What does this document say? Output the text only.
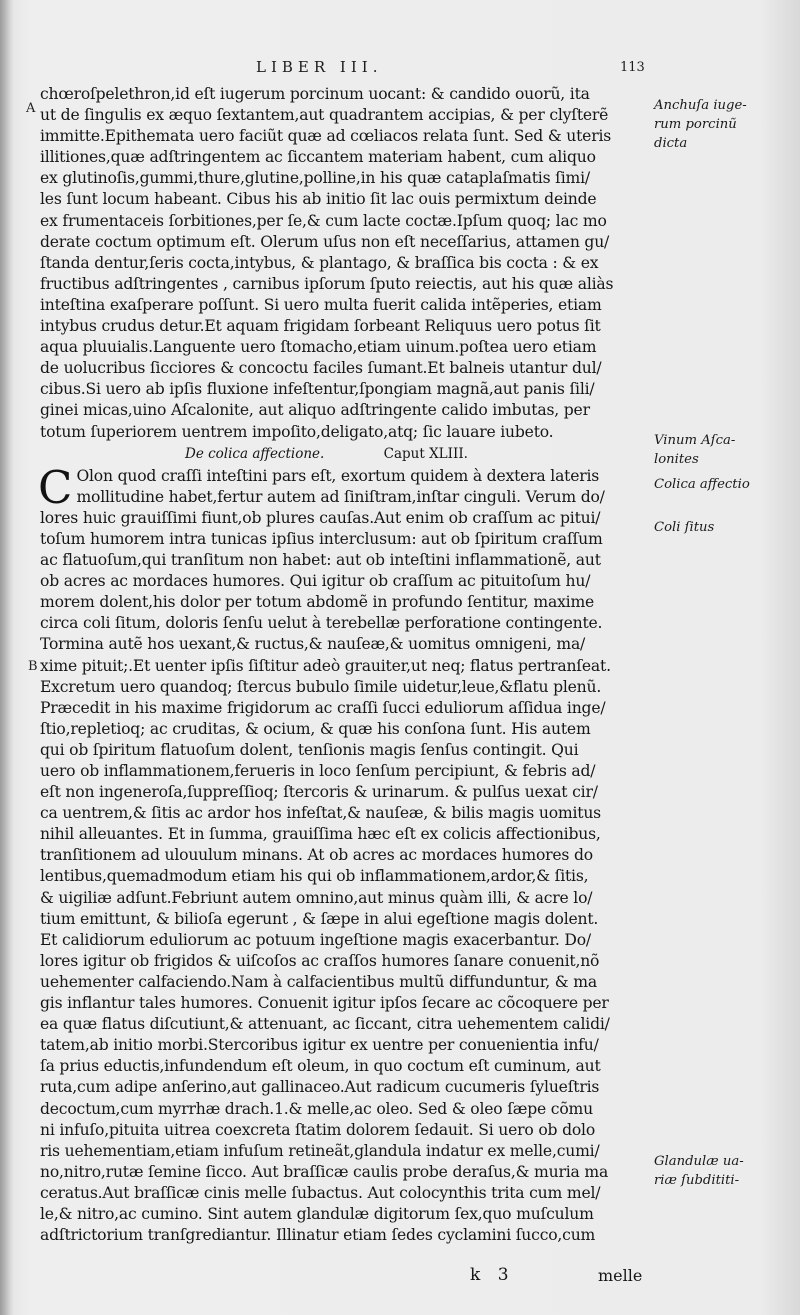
LIBER III.	113
A
B
chœroſpelethron,id eſt iugerum porcinum uocant: & candido ouorũ, ita
ut de ſingulis ex æquo ſextantem,aut quadrantem accipias, & per clyſterẽ
immitte.Epithemata uero faciũt quæ ad cœliacos relata ſunt. Sed & uteris
illitiones,quæ adſtringentem ac ſiccantem materiam habent, cum aliquo
ex glutinoſis,gummi,thure,glutine,polline,in his quæ cataplaſmatis ſimi/
les ſunt locum habeant. Cibus his ab initio ſit lac ouis permixtum deinde
ex frumentaceis ſorbitiones,per ſe,& cum lacte coctæ.Ipſum quoq; lac mo
derate coctum optimum eſt. Olerum uſus non eſt neceſſarius, attamen gu/
ſtanda dentur,ſeris cocta,intybus, & plantago, & braſſica bis cocta : & ex
fructibus adſtringentes , carnibus ipſorum ſputo reiectis, aut his quæ aliàs
inteſtina exaſperare poſſunt. Si uero multa fuerit calida intẽperies, etiam
intybus crudus detur.Et aquam frigidam ſorbeant Reliquus uero potus ſit
aqua pluuialis.Languente uero ſtomacho,etiam uinum.poſtea uero etiam
de uolucribus ſicciores & concoctu faciles ſumant.Et balneis utantur dul/
cibus.Si uero ab ipſis fluxione infeſtentur,ſpongiam magnã,aut panis ſili/
ginei micas,uino Aſcalonite, aut aliquo adſtringente calido imbutas, per
totum ſuperiorem uentrem impoſito,deligato,atq; ſic lauare iubeto.
De colica affectione.	Caput XLIII.
C Olon quod craſſi inteſtini pars eſt, exortum quidem à dextera lateris
mollitudine habet,fertur autem ad ſiniſtram,inſtar cinguli. Verum do/
lores huic grauiſſimi fiunt,ob plures cauſas.Aut enim ob craſſum ac pitui/
toſum humorem intra tunicas ipſius interclusum: aut ob ſpiritum craſſum
ac flatuoſum,qui tranſitum non habet: aut ob inteſtini inflammationẽ, aut
ob acres ac mordaces humores. Qui igitur ob craſſum ac pituitoſum hu/
morem dolent,his dolor per totum abdomẽ in profundo ſentitur, maxime
circa coli ſitum, doloris ſenſu uelut à terebellæ perforatione contingente.
Tormina autẽ hos uexant,& ructus,& nauſeæ,& uomitus omnigeni, ma/
xime pituit;.Et uenter ipſis ſiſtitur adeò grauiter,ut neq; flatus pertranſeat.
Excretum uero quandoq; ſtercus bubulo ſimile uidetur,leue,&flatu plenũ.
Præcedit in his maxime frigidorum ac craſſi ſucci eduliorum aſſidua inge/
ſtio,repletioq; ac cruditas, & ocium, & quæ his conſona ſunt. His autem
qui ob ſpiritum flatuoſum dolent, tenſionis magis ſenſus contingit. Qui
uero ob inflammationem,ferueris in loco ſenſum percipiunt, & febris ad/
eſt non ingeneroſa,ſuppreſſioq; ſtercoris & urinarum. & pulſus uexat cir/
ca uentrem,& ſitis ac ardor hos infeſtat,& nauſeæ, & bilis magis uomitus
nihil alleuantes. Et in ſumma, grauiſſima hæc eſt ex colicis affectionibus,
tranſitionem ad ulouulum minans. At ob acres ac mordaces humores do
lentibus,quemadmodum etiam his qui ob inflammationem,ardor,& ſitis,
& uigiliæ adſunt.Febriunt autem omnino,aut minus quàm illi, & acre lo/
tium emittunt, & bilioſa egerunt , & ſæpe in alui egeſtione magis dolent.
Et calidiorum eduliorum ac potuum ingeſtione magis exacerbantur. Do/
lores igitur ob frigidos & uiſcoſos ac craſſos humores ſanare conuenit,nõ
uehementer calfaciendo.Nam à calfacientibus multũ diffunduntur, & ma
gis inflantur tales humores. Conuenit igitur ipſos ſecare ac cõcoquere per
ea quæ flatus diſcutiunt,& attenuant, ac ſiccant, citra uehementem calidi/
tatem,ab initio morbi.Stercoribus igitur ex uentre per conuenientia infu/
ſa prius eductis,infundendum eſt oleum, in quo coctum eſt cuminum, aut
ruta,cum adipe anſerino,aut gallinaceo.Aut radicum cucumeris ſylueſtris
decoctum,cum myrrhæ drach.1.& melle,ac oleo. Sed & oleo ſæpe cõmu
ni infuſo,pituita uitrea coexcreta ſtatim dolorem ſedauit. Si uero ob dolo
ris uehementiam,etiam infuſum retineãt,glandula indatur ex melle,cumi/
no,nitro,rutæ ſemine ſicco. Aut braſſicæ caulis probe deraſus,& muria ma
ceratus.Aut braſſicæ cinis melle ſubactus. Aut colocynthis trita cum mel/
le,& nitro,ac cumino. Sint autem glandulæ digitorum ſex,quo muſculum
adſtrictorium tranſgrediantur. Illinatur etiam ſedes cyclamini ſucco,cum
Anchuſa iuge-
rum porcinũ
dicta
Vinum Aſca-
lonites
Colica affectio
Coli ſitus
Glandulæ ua-
riæ ſubdititi-
k 3	melle
